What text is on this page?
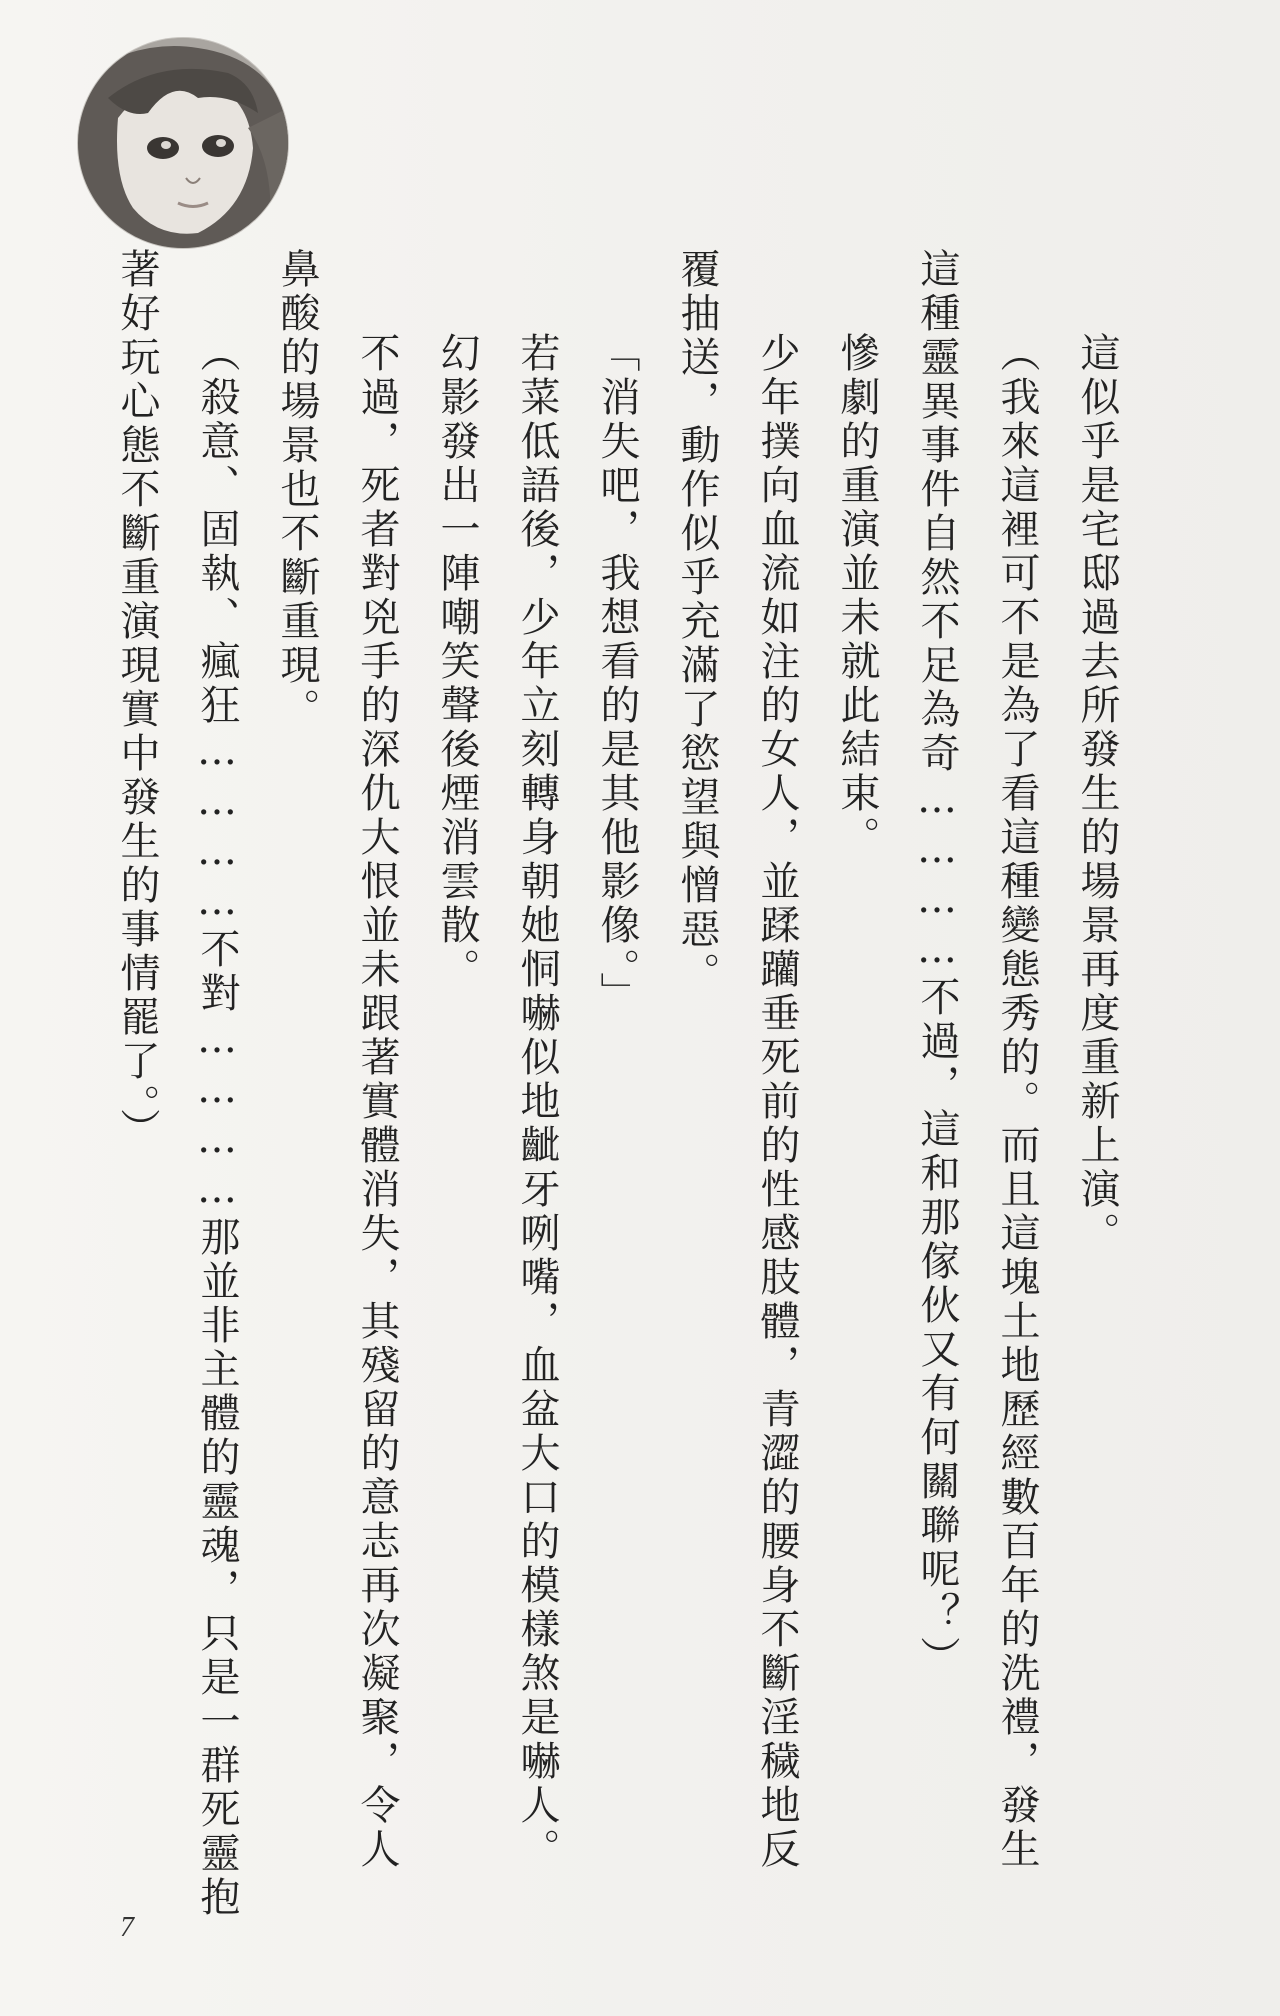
這似乎是宅邸過去所發生的場景再度重新上演。
（我來這裡可不是為了看這種變態秀的。而且這塊土地歷經數百年的洗禮，發生
這種靈異事件自然不足為奇…………不過，這和那傢伙又有何關聯呢？）
慘劇的重演並未就此結束。
少年撲向血流如注的女人，並蹂躪垂死前的性感肢體，青澀的腰身不斷淫穢地反
覆抽送，動作似乎充滿了慾望與憎惡。
「消失吧，我想看的是其他影像。」
若菜低語後，少年立刻轉身朝她恫嚇似地齜牙咧嘴，血盆大口的模樣煞是嚇人。
幻影發出一陣嘲笑聲後煙消雲散。
不過，死者對兇手的深仇大恨並未跟著實體消失，其殘留的意志再次凝聚，令人
鼻酸的場景也不斷重現。
（殺意、固執、瘋狂…………不對…………那並非主體的靈魂，只是一群死靈抱
著好玩心態不斷重演現實中發生的事情罷了。）
7
